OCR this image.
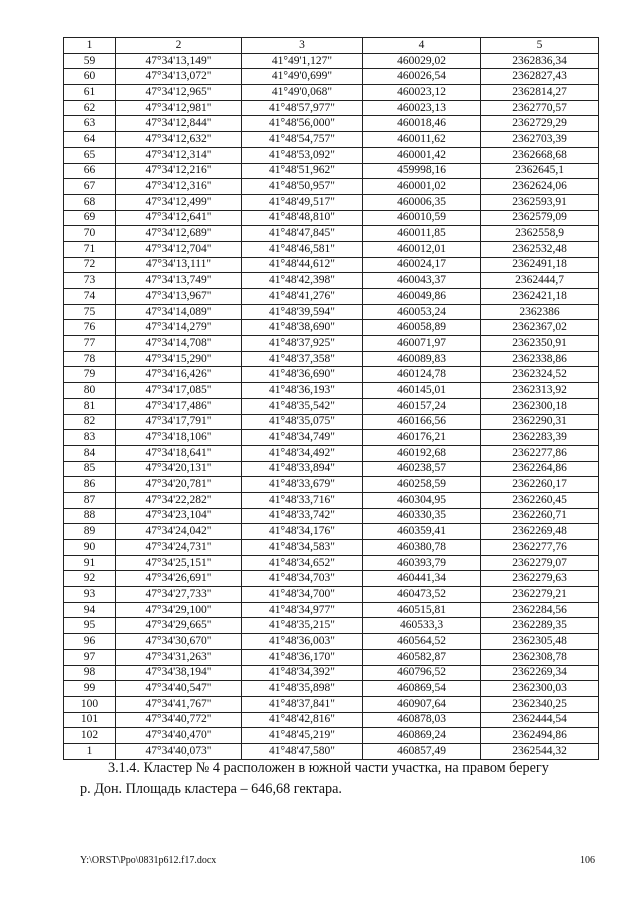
1	2	3	4	5
59	47°34'13,149"	41°49'1,127"	460029,02	2362836,34
60	47°34'13,072"	41°49'0,699"	460026,54	2362827,43
61	47°34'12,965"	41°49'0,068"	460023,12	2362814,27
62	47°34'12,981"	41°48'57,977"	460023,13	2362770,57
63	47°34'12,844"	41°48'56,000"	460018,46	2362729,29
64	47°34'12,632"	41°48'54,757"	460011,62	2362703,39
65	47°34'12,314"	41°48'53,092"	460001,42	2362668,68
66	47°34'12,216"	41°48'51,962"	459998,16	2362645,1
67	47°34'12,316"	41°48'50,957"	460001,02	2362624,06
68	47°34'12,499"	41°48'49,517"	460006,35	2362593,91
69	47°34'12,641"	41°48'48,810"	460010,59	2362579,09
70	47°34'12,689"	41°48'47,845"	460011,85	2362558,9
71	47°34'12,704"	41°48'46,581"	460012,01	2362532,48
72	47°34'13,111"	41°48'44,612"	460024,17	2362491,18
73	47°34'13,749"	41°48'42,398"	460043,37	2362444,7
74	47°34'13,967"	41°48'41,276"	460049,86	2362421,18
75	47°34'14,089"	41°48'39,594"	460053,24	2362386
76	47°34'14,279"	41°48'38,690"	460058,89	2362367,02
77	47°34'14,708"	41°48'37,925"	460071,97	2362350,91
78	47°34'15,290"	41°48'37,358"	460089,83	2362338,86
79	47°34'16,426"	41°48'36,690"	460124,78	2362324,52
80	47°34'17,085"	41°48'36,193"	460145,01	2362313,92
81	47°34'17,486"	41°48'35,542"	460157,24	2362300,18
82	47°34'17,791"	41°48'35,075"	460166,56	2362290,31
83	47°34'18,106"	41°48'34,749"	460176,21	2362283,39
84	47°34'18,641"	41°48'34,492"	460192,68	2362277,86
85	47°34'20,131"	41°48'33,894"	460238,57	2362264,86
86	47°34'20,781"	41°48'33,679"	460258,59	2362260,17
87	47°34'22,282"	41°48'33,716"	460304,95	2362260,45
88	47°34'23,104"	41°48'33,742"	460330,35	2362260,71
89	47°34'24,042"	41°48'34,176"	460359,41	2362269,48
90	47°34'24,731"	41°48'34,583"	460380,78	2362277,76
91	47°34'25,151"	41°48'34,652"	460393,79	2362279,07
92	47°34'26,691"	41°48'34,703"	460441,34	2362279,63
93	47°34'27,733"	41°48'34,700"	460473,52	2362279,21
94	47°34'29,100"	41°48'34,977"	460515,81	2362284,56
95	47°34'29,665"	41°48'35,215"	460533,3	2362289,35
96	47°34'30,670"	41°48'36,003"	460564,52	2362305,48
97	47°34'31,263"	41°48'36,170"	460582,87	2362308,78
98	47°34'38,194"	41°48'34,392"	460796,52	2362269,34
99	47°34'40,547"	41°48'35,898"	460869,54	2362300,03
100	47°34'41,767"	41°48'37,841"	460907,64	2362340,25
101	47°34'40,772"	41°48'42,816"	460878,03	2362444,54
102	47°34'40,470"	41°48'45,219"	460869,24	2362494,86
1	47°34'40,073"	41°48'47,580"	460857,49	2362544,32

3.1.4. Кластер № 4 расположен в южной части участка, на правом берегу
р. Дон. Площадь кластера – 646,68 гектара.

Y:\ORST\Ppo\0831p612.f17.docx	106
